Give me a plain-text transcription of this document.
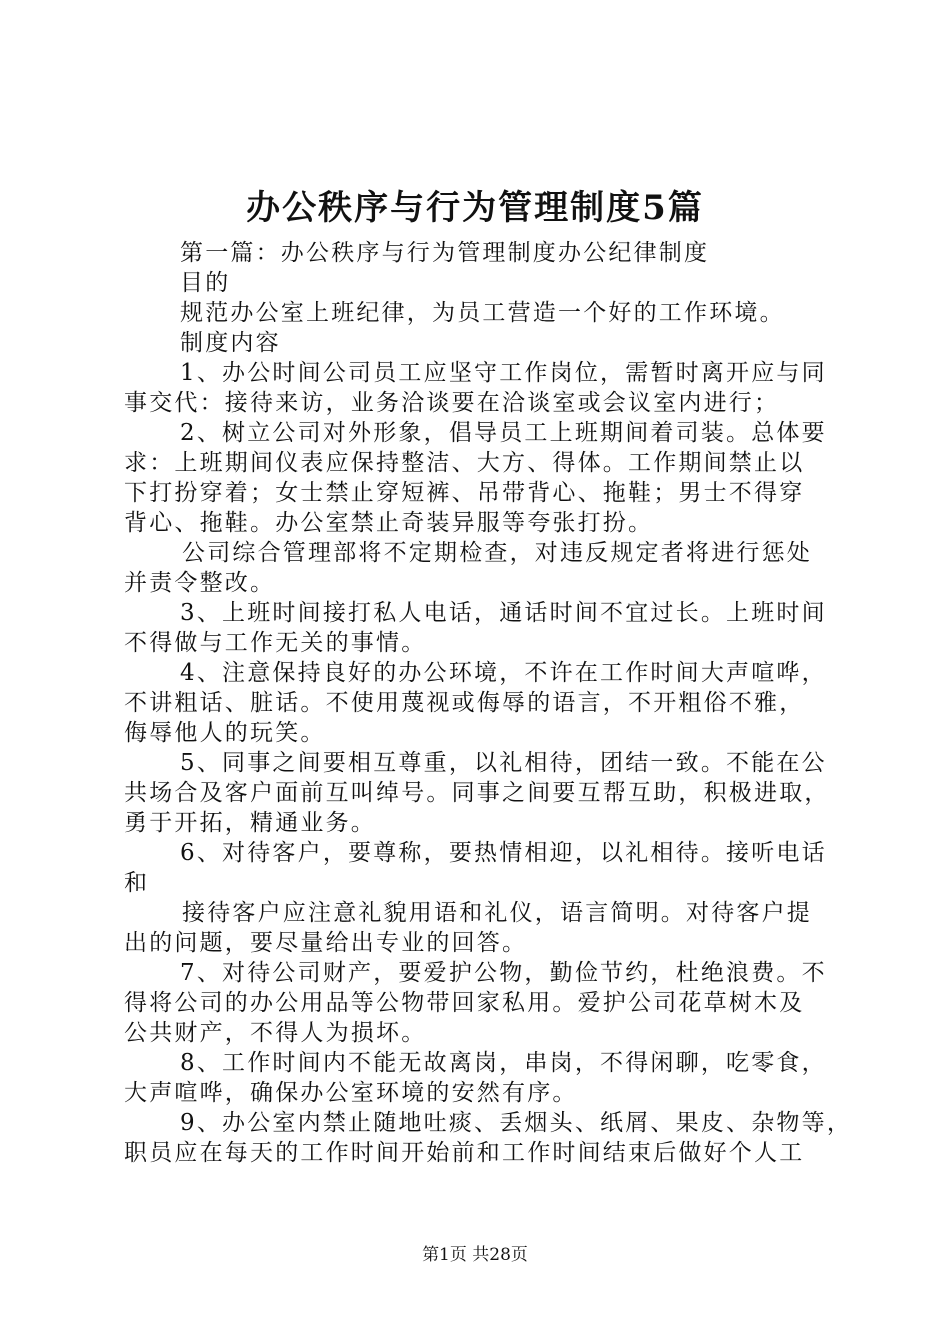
办公秩序与行为管理制度5篇
第一篇：办公秩序与行为管理制度办公纪律制度
目的
规范办公室上班纪律，为员工营造一个好的工作环境。
制度内容
1、办公时间公司员工应坚守工作岗位，需暂时离开应与同
事交代：接待来访，业务洽谈要在洽谈室或会议室内进行；
2、树立公司对外形象，倡导员工上班期间着司装。总体要
求：上班期间仪表应保持整洁、大方、得体。工作期间禁止以
下打扮穿着；女士禁止穿短裤、吊带背心、拖鞋；男士不得穿
背心、拖鞋。办公室禁止奇装异服等夸张打扮。
公司综合管理部将不定期检查，对违反规定者将进行惩处
并责令整改。
3、上班时间接打私人电话，通话时间不宜过长。上班时间
不得做与工作无关的事情。
4、注意保持良好的办公环境，不许在工作时间大声喧哗，
不讲粗话、脏话。不使用蔑视或侮辱的语言，不开粗俗不雅，
侮辱他人的玩笑。
5、同事之间要相互尊重，以礼相待，团结一致。不能在公
共场合及客户面前互叫绰号。同事之间要互帮互助，积极进取，
勇于开拓，精通业务。
6、对待客户，要尊称，要热情相迎，以礼相待。接听电话
和
接待客户应注意礼貌用语和礼仪，语言简明。对待客户提
出的问题，要尽量给出专业的回答。
7、对待公司财产，要爱护公物，勤俭节约，杜绝浪费。不
得将公司的办公用品等公物带回家私用。爱护公司花草树木及
公共财产，不得人为损坏。
8、工作时间内不能无故离岗，串岗，不得闲聊，吃零食，
大声喧哗，确保办公室环境的安然有序。
9、办公室内禁止随地吐痰、丢烟头、纸屑、果皮、杂物等，
职员应在每天的工作时间开始前和工作时间结束后做好个人工
第1页 共28页
